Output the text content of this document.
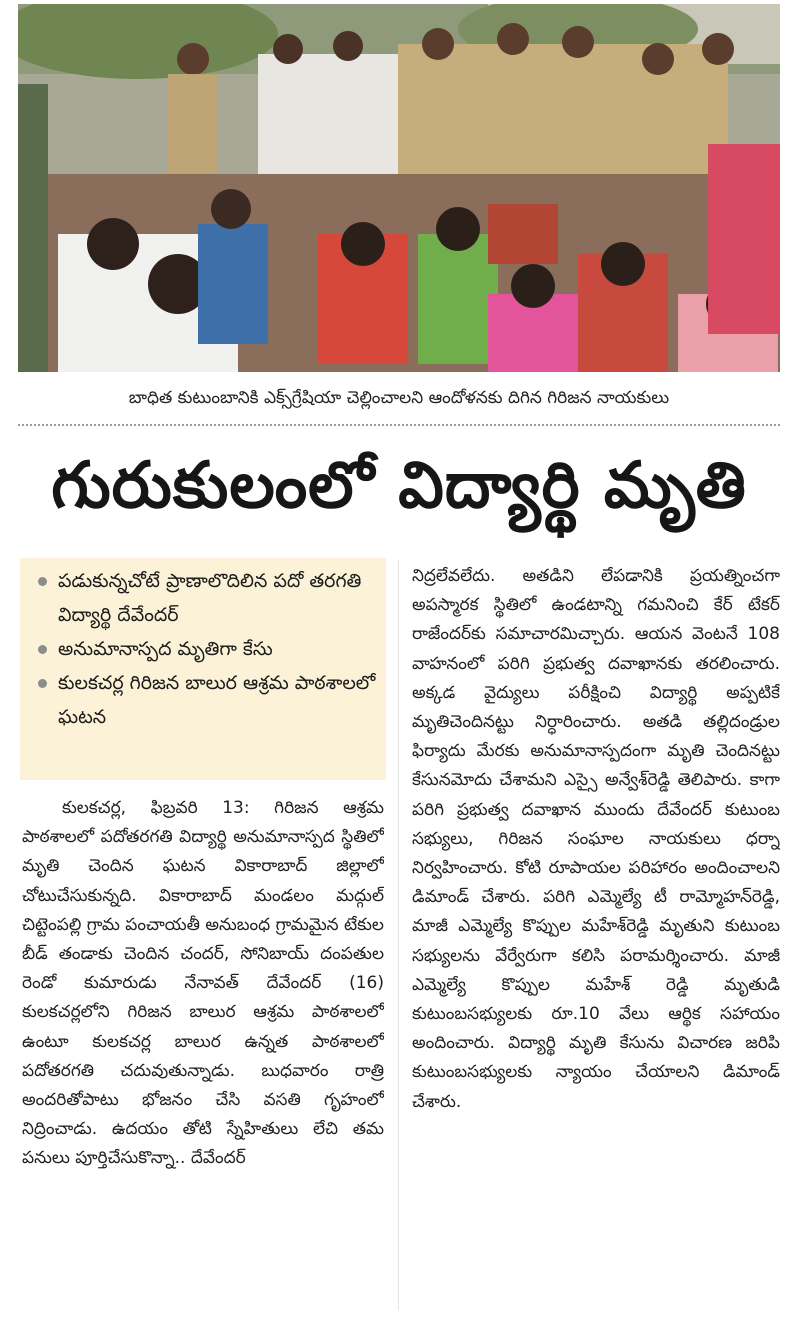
బాధిత కుటుంబానికి ఎక్స్‌గ్రేషియా చెల్లించాలని ఆందోళనకు దిగిన గిరిజన నాయకులు
గురుకులంలో విద్యార్థి మృతి
పడుకున్నచోటే ప్రాణాలొదిలిన పదో తరగతి విద్యార్థి దేవేందర్
అనుమానాస్పద మృతిగా కేసు
కులకచర్ల గిరిజన బాలుర ఆశ్రమ పాఠశాలలో ఘటన
కులకచర్ల, ఫిబ్రవరి 13: గిరిజన ఆశ్రమ పాఠశాలలో పదోతరగతి విద్యార్థి అనుమానాస్పద స్థితిలో మృతి చెందిన ఘటన వికారాబాద్ జిల్లాలో చోటుచేసుకున్నది. వికారాబాద్ మండలం మద్గుల్ చిట్టెంపల్లి గ్రామ పంచాయతీ అనుబంధ గ్రామమైన టేకుల బీడ్ తండాకు చెందిన చందర్, సోనిబాయ్ దంపతుల రెండో కుమారుడు నేనావత్ దేవేందర్ (16) కులకచర్లలోని గిరిజన బాలుర ఆశ్రమ పాఠశాలలో ఉంటూ కులకచర్ల బాలుర ఉన్నత పాఠశాలలో పదోతరగతి చదువుతున్నాడు. బుధవారం రాత్రి అందరితోపాటు భోజనం చేసి వసతి గృహంలో నిద్రించాడు. ఉదయం తోటి స్నేహితులు లేచి తమ పనులు పూర్తిచేసుకొన్నా.. దేవేందర్
నిద్రలేవలేదు. అతడిని లేపడానికి ప్రయత్నించగా అపస్మారక స్థితిలో ఉండటాన్ని గమనించి కేర్ టేకర్ రాజేందర్‌కు సమాచారమిచ్చారు. ఆయన వెంటనే 108 వాహనంలో పరిగి ప్రభుత్వ దవాఖానకు తరలించారు. అక్కడ వైద్యులు పరీక్షించి విద్యార్థి అప్పటికే మృతిచెందినట్టు నిర్ధారించారు. అతడి తల్లిదండ్రుల ఫిర్యాదు మేరకు అనుమానాస్పదంగా మృతి చెందినట్టు కేసునమోదు చేశామని ఎస్సై అన్వేశ్‌రెడ్డి తెలిపారు. కాగా పరిగి ప్రభుత్వ దవాఖాన ముందు దేవేందర్ కుటుంబ సభ్యులు, గిరిజన సంఘాల నాయకులు ధర్నా నిర్వహించారు. కోటి రూపాయల పరిహారం అందించాలని డిమాండ్ చేశారు. పరిగి ఎమ్మెల్యే టీ రామ్మోహన్‌రెడ్డి, మాజీ ఎమ్మెల్యే కొప్పుల మహేశ్‌రెడ్డి మృతుని కుటుంబ సభ్యులను వేర్వేరుగా కలిసి పరామర్శించారు. మాజీ ఎమ్మెల్యే కొప్పుల మహేశ్ రెడ్డి మృతుడి కుటుంబసభ్యులకు రూ.10 వేలు ఆర్థిక సహాయం అందించారు. విద్యార్థి మృతి కేసును విచారణ జరిపి కుటుంబసభ్యులకు న్యాయం చేయాలని డిమాండ్ చేశారు.
